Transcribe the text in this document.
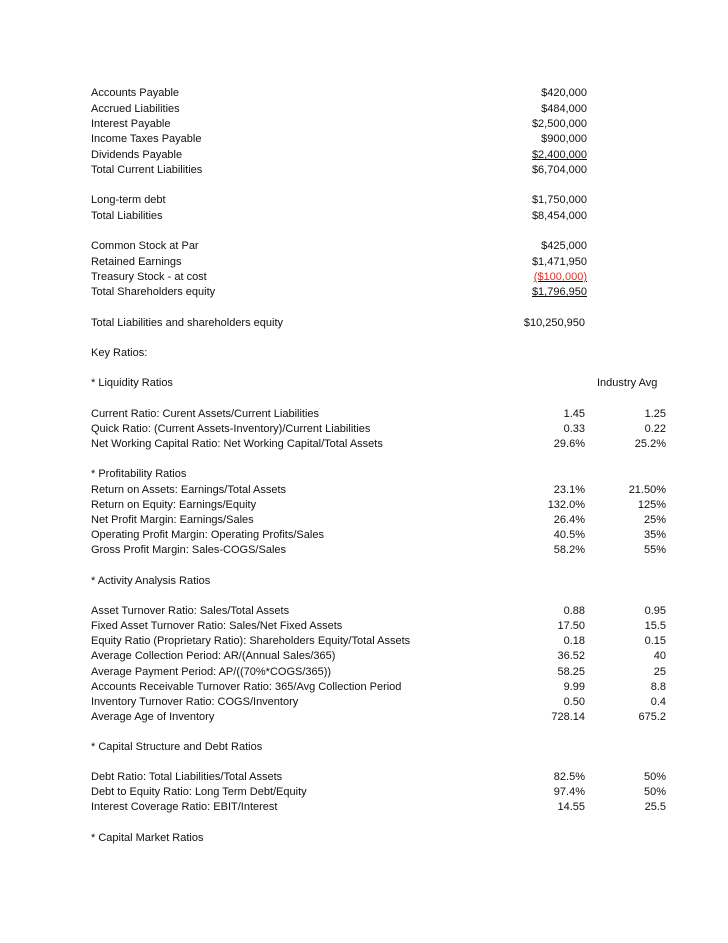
Accounts Payable	$420,000
Accrued Liabilities	$484,000
Interest Payable	$2,500,000
Income Taxes Payable	$900,000
Dividends Payable	$2,400,000
Total Current Liabilities	$6,704,000
Long-term debt	$1,750,000
Total Liabilities	$8,454,000
Common Stock at Par	$425,000
Retained Earnings	$1,471,950
Treasury Stock - at cost	($100,000)
Total Shareholders equity	$1,796,950
Total Liabilities and shareholders equity	$10,250,950
Key Ratios:
* Liquidity Ratios	Industry Avg
Current Ratio: Curent Assets/Current Liabilities	1.45	1.25
Quick Ratio: (Current Assets-Inventory)/Current Liabilities	0.33	0.22
Net Working Capital Ratio: Net Working Capital/Total Assets	29.6%	25.2%
* Profitability Ratios
Return on Assets: Earnings/Total Assets	23.1%	21.50%
Return on Equity: Earnings/Equity	132.0%	125%
Net Profit Margin: Earnings/Sales	26.4%	25%
Operating Profit Margin: Operating Profits/Sales	40.5%	35%
Gross Profit Margin: Sales-COGS/Sales	58.2%	55%
* Activity Analysis Ratios
Asset Turnover Ratio: Sales/Total Assets	0.88	0.95
Fixed Asset Turnover Ratio: Sales/Net Fixed Assets	17.50	15.5
Equity Ratio (Proprietary Ratio): Shareholders Equity/Total Assets	0.18	0.15
Average Collection Period: AR/(Annual Sales/365)	36.52	40
Average Payment Period: AP/((70%*COGS/365))	58.25	25
Accounts Receivable Turnover Ratio: 365/Avg Collection Period	9.99	8.8
Inventory Turnover Ratio: COGS/Inventory	0.50	0.4
Average Age of Inventory	728.14	675.2
* Capital Structure and Debt Ratios
Debt Ratio: Total Liabilities/Total Assets	82.5%	50%
Debt to Equity Ratio: Long Term Debt/Equity	97.4%	50%
Interest Coverage Ratio: EBIT/Interest	14.55	25.5
* Capital Market Ratios
